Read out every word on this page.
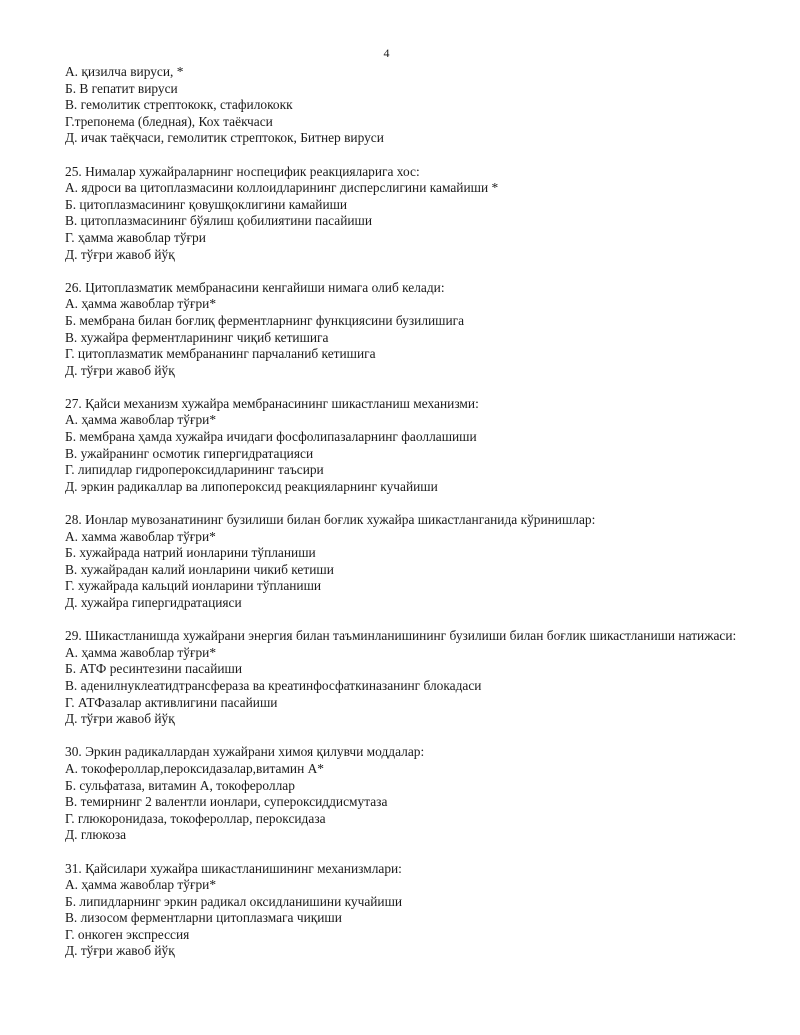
4
А. қизилча вируси, *
Б. В гепатит вируси
В. гемолитик стрептококк, стафилококк
Г.трепонема (бледная), Кох таёкчаси
Д. ичак таёқчаси, гемолитик стрептокок, Битнер вируси
25. Нималар хужайраларнинг носпецифик реакцияларига хос:
А. ядроси ва цитоплазмасини коллоидларининг дисперслигини камайиши *
Б. цитоплазмасининг қовушқоклигини камайиши
В. цитоплазмасининг бўялиш қобилиятини пасайиши
Г. ҳамма жавоблар тўғри
Д. тўғри жавоб йўқ
26. Цитоплазматик мембранасини кенгайиши нимага олиб келади:
А. ҳамма жавоблар тўғри*
Б. мембрана билан боғлиқ ферментларнинг функциясини бузилишига
В. хужайра ферментларининг чиқиб кетишига
Г. цитоплазматик мембрананинг парчаланиб кетишига
Д. тўғри жавоб йўқ
27. Қайси механизм хужайра мембранасининг шикастланиш механизми:
А. ҳамма жавоблар тўғри*
Б. мембрана ҳамда хужайра ичидаги фосфолипазаларнинг фаоллашиши
В. ужайранинг осмотик гипергидратацияси
Г. липидлар гидропероксидларининг таъсири
Д. эркин радикаллар ва липопероксид реакцияларнинг кучайиши
28. Ионлар мувозанатининг бузилиши билан боғлик хужайра шикастланганида кўринишлар:
А. хамма жавоблар тўғри*
Б. хужайрада натрий ионларини тўпланиши
В. хужайрадан калий ионларини чикиб кетиши
Г. хужайрада кальций ионларини тўпланиши
Д. хужайра гипергидратацияси
29. Шикастланишда хужайрани энергия билан таъминланишининг бузилиши билан боғлик шикастланиши натижаси:
А. ҳамма жавоблар тўғри*
Б. АТФ ресинтезини пасайиши
В. аденилнуклеатидтрансфераза ва креатинфосфаткиназанинг блокадаси
Г. АТФазалар активлигини пасайиши
Д. тўғри жавоб йўқ
30. Эркин радикаллардан хужайрани химоя қилувчи моддалар:
А. токофероллар,пероксидазалар,витамин А*
Б. сульфатаза, витамин А, токофероллар
В. темирнинг 2 валентли ионлари, супероксиддисмутаза
Г. глюкоронидаза, токофероллар, пероксидаза
Д. глюкоза
31. Қайсилари хужайра шикастланишининг механизмлари:
А. ҳамма жавоблар тўғри*
Б. липидларнинг эркин радикал оксидланишини кучайиши
В. лизосом ферментларни цитоплазмага чиқиши
Г. онкоген экспрессия
Д. тўғри жавоб йўқ
